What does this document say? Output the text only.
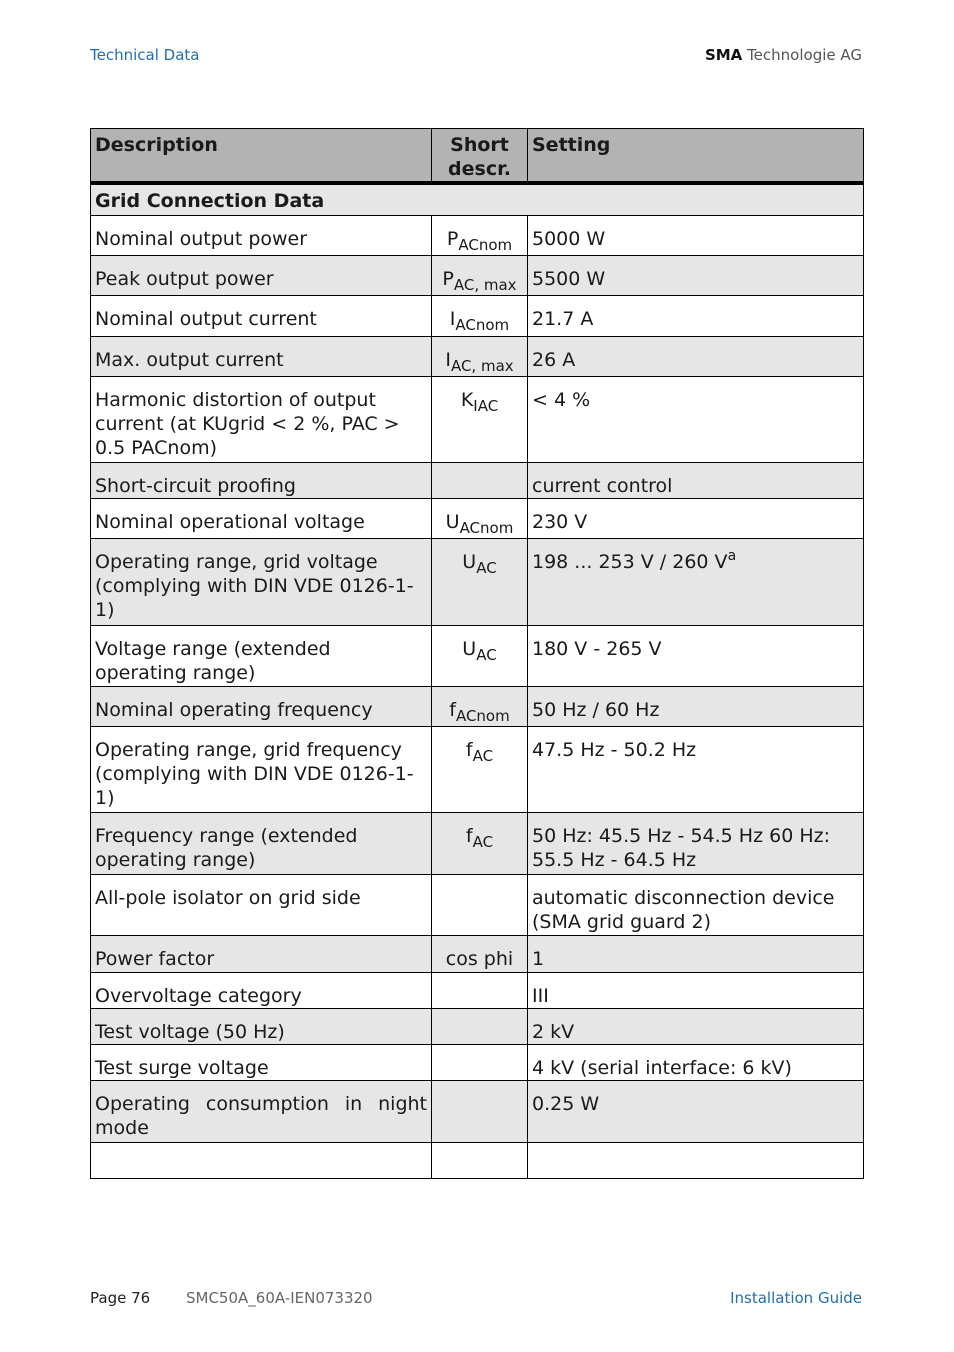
Technical Data	SMA Technologie AG
Description	Short descr.	Setting
Grid Connection Data		
Nominal output power	$P_{ACnom}$	5000 W
Peak output power	$P_{AC, max}$	5500 W
Nominal output current	$I_{ACnom}$	21.7 A
Max. output current	$I_{AC, max}$	26 A
Harmonic distortion of output current (at KUgrid < 2 %, PAC > 0.5 PACnom)	$K_{IAC}$	< 4 %
Short-circuit proofing		current control
Nominal operational voltage	$U_{ACnom}$	230 V
Operating range, grid voltage (complying with DIN VDE 0126-1-1)	$U_{AC}$	198 ... 253 V / 260 $V^a$
Voltage range (extended operating range)	$U_{AC}$	180 V - 265 V
Nominal operating frequency	$f_{ACnom}$	50 Hz / 60 Hz
Operating range, grid frequency (complying with DIN VDE 0126-1-1)	$f_{AC}$	47.5 Hz - 50.2 Hz
Frequency range (extended operating range)	$f_{AC}$	50 Hz: 45.5 Hz - 54.5 Hz 60 Hz: 55.5 Hz - 64.5 Hz
All-pole isolator on grid side		automatic disconnection device (SMA grid guard 2)
Power factor	cos phi	1
Overvoltage category		III
Test voltage (50 Hz)		2 kV
Test surge voltage		4 kV (serial interface: 6 kV)
Operating consumption in night mode		0.25 W

Page 76 SMC50A_60A-IEN073320	Installation Guide
